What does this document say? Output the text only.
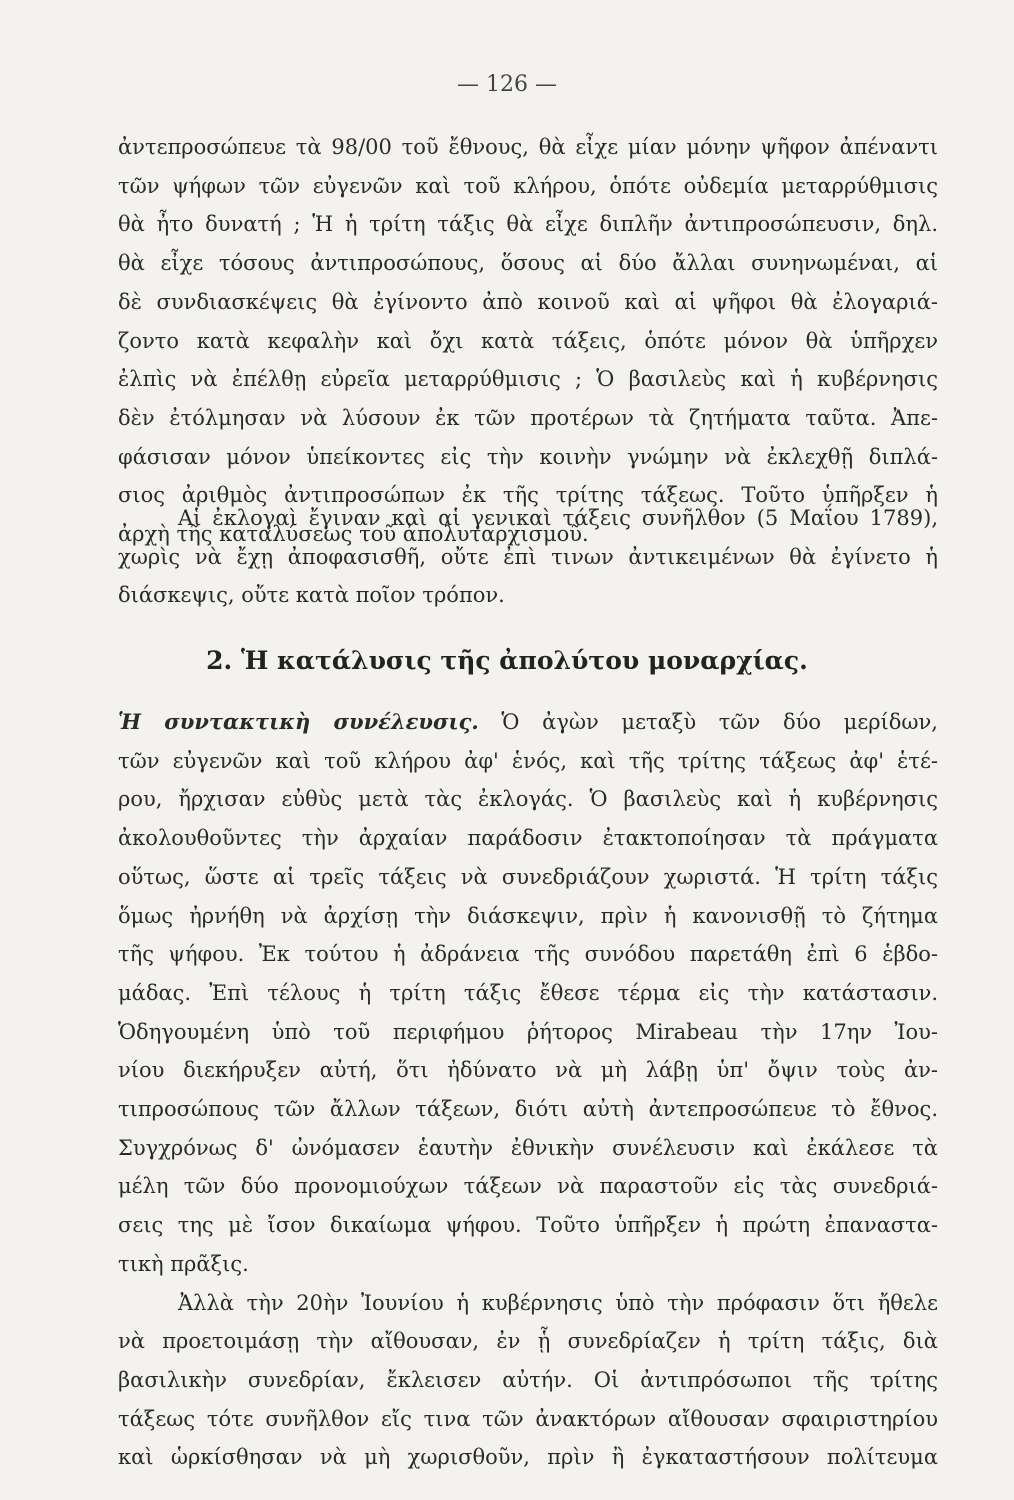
— 126 —
ἀντεπροσώπευε τὰ 98/00 τοῦ ἔθνους, θὰ εἶχε μίαν μόνην ψῆφον ἀπέναντι
τῶν ψήφων τῶν εὐγενῶν καὶ τοῦ κλήρου, ὁπότε οὐδεμία μεταρρύθμισις
θὰ ἦτο δυνατή ; Ἡ ἡ τρίτη τάξις θὰ εἶχε διπλῆν ἀντιπροσώπευσιν, δηλ.
θὰ εἶχε τόσους ἀντιπροσώπους, ὅσους αἱ δύο ἄλλαι συνηνωμέναι, αἱ
δὲ συνδιασκέψεις θὰ ἐγίνοντο ἀπὸ κοινοῦ καὶ αἱ ψῆφοι θὰ ἐλογαριά-
ζοντο κατὰ κεφαλὴν καὶ ὄχι κατὰ τάξεις, ὁπότε μόνον θὰ ὑπῆρχεν
ἐλπὶς νὰ ἐπέλθῃ εὐρεῖα μεταρρύθμισις ; Ὁ βασιλεὺς καὶ ἡ κυβέρνησις
δὲν ἐτόλμησαν νὰ λύσουν ἐκ τῶν προτέρων τὰ ζητήματα ταῦτα. Ἀπε-
φάσισαν μόνον ὑπείκοντες εἰς τὴν κοινὴν γνώμην νὰ ἐκλεχθῇ διπλά-
σιος ἀριθμὸς ἀντιπροσώπων ἐκ τῆς τρίτης τάξεως. Τοῦτο ὑπῆρξεν ἡ
ἀρχὴ τῆς καταλύσεως τοῦ ἀπολυταρχισμοῦ.
Αἱ ἐκλογαὶ ἔγιναν καὶ αἱ γενικαὶ τάξεις συνῆλθον (5 Μαΐου 1789),
χωρὶς νὰ ἔχῃ ἀποφασισθῆ, οὔτε ἐπὶ τινων ἀντικειμένων θὰ ἐγίνετο ἡ
διάσκεψις, οὔτε κατὰ ποῖον τρόπον.
2. Ἡ κατάλυσις τῆς ἀπολύτου μοναρχίας.
Ἡ συντακτικὴ συνέλευσις. Ὁ ἀγὼν μεταξὺ τῶν δύο μερίδων,
τῶν εὐγενῶν καὶ τοῦ κλήρου ἀφ' ἑνός, καὶ τῆς τρίτης τάξεως ἀφ' ἑτέ-
ρου, ἤρχισαν εὐθὺς μετὰ τὰς ἐκλογάς. Ὁ βασιλεὺς καὶ ἡ κυβέρνησις
ἀκολουθοῦντες τὴν ἀρχαίαν παράδοσιν ἐτακτοποίησαν τὰ πράγματα
οὕτως, ὥστε αἱ τρεῖς τάξεις νὰ συνεδριάζουν χωριστά. Ἡ τρίτη τάξις
ὅμως ἠρνήθη νὰ ἀρχίσῃ τὴν διάσκεψιν, πρὶν ἡ κανονισθῇ τὸ ζήτημα
τῆς ψήφου. Ἐκ τούτου ἡ ἀδράνεια τῆς συνόδου παρετάθη ἐπὶ 6 ἑβδο-
μάδας. Ἐπὶ τέλους ἡ τρίτη τάξις ἔθεσε τέρμα εἰς τὴν κατάστασιν.
Ὁδηγουμένη ὑπὸ τοῦ περιφήμου ῥήτορος Mirabeau τὴν 17ην Ἰου-
νίου διεκήρυξεν αὐτή, ὅτι ἠδύνατο νὰ μὴ λάβῃ ὑπ' ὄψιν τοὺς ἀν-
τιπροσώπους τῶν ἄλλων τάξεων, διότι αὐτὴ ἀντεπροσώπευε τὸ ἔθνος.
Συγχρόνως δ' ὠνόμασεν ἑαυτὴν ἐθνικὴν συνέλευσιν καὶ ἐκάλεσε τὰ
μέλη τῶν δύο προνομιούχων τάξεων νὰ παραστοῦν εἰς τὰς συνεδριά-
σεις της μὲ ἴσον δικαίωμα ψήφου. Τοῦτο ὑπῆρξεν ἡ πρώτη ἐπαναστα-
τικὴ πρᾶξις.
Ἀλλὰ τὴν 20ὴν Ἰουνίου ἡ κυβέρνησις ὑπὸ τὴν πρόφασιν ὅτι ἤθελε
νὰ προετοιμάσῃ τὴν αἴθουσαν, ἐν ᾗ συνεδρίαζεν ἡ τρίτη τάξις, διὰ
βασιλικὴν συνεδρίαν, ἔκλεισεν αὐτήν. Οἱ ἀντιπρόσωποι τῆς τρίτης
τάξεως τότε συνῆλθον εἴς τινα τῶν ἀνακτόρων αἴθουσαν σφαιριστηρίου
καὶ ὡρκίσθησαν νὰ μὴ χωρισθοῦν, πρὶν ἢ ἐγκαταστήσουν πολίτευμα
